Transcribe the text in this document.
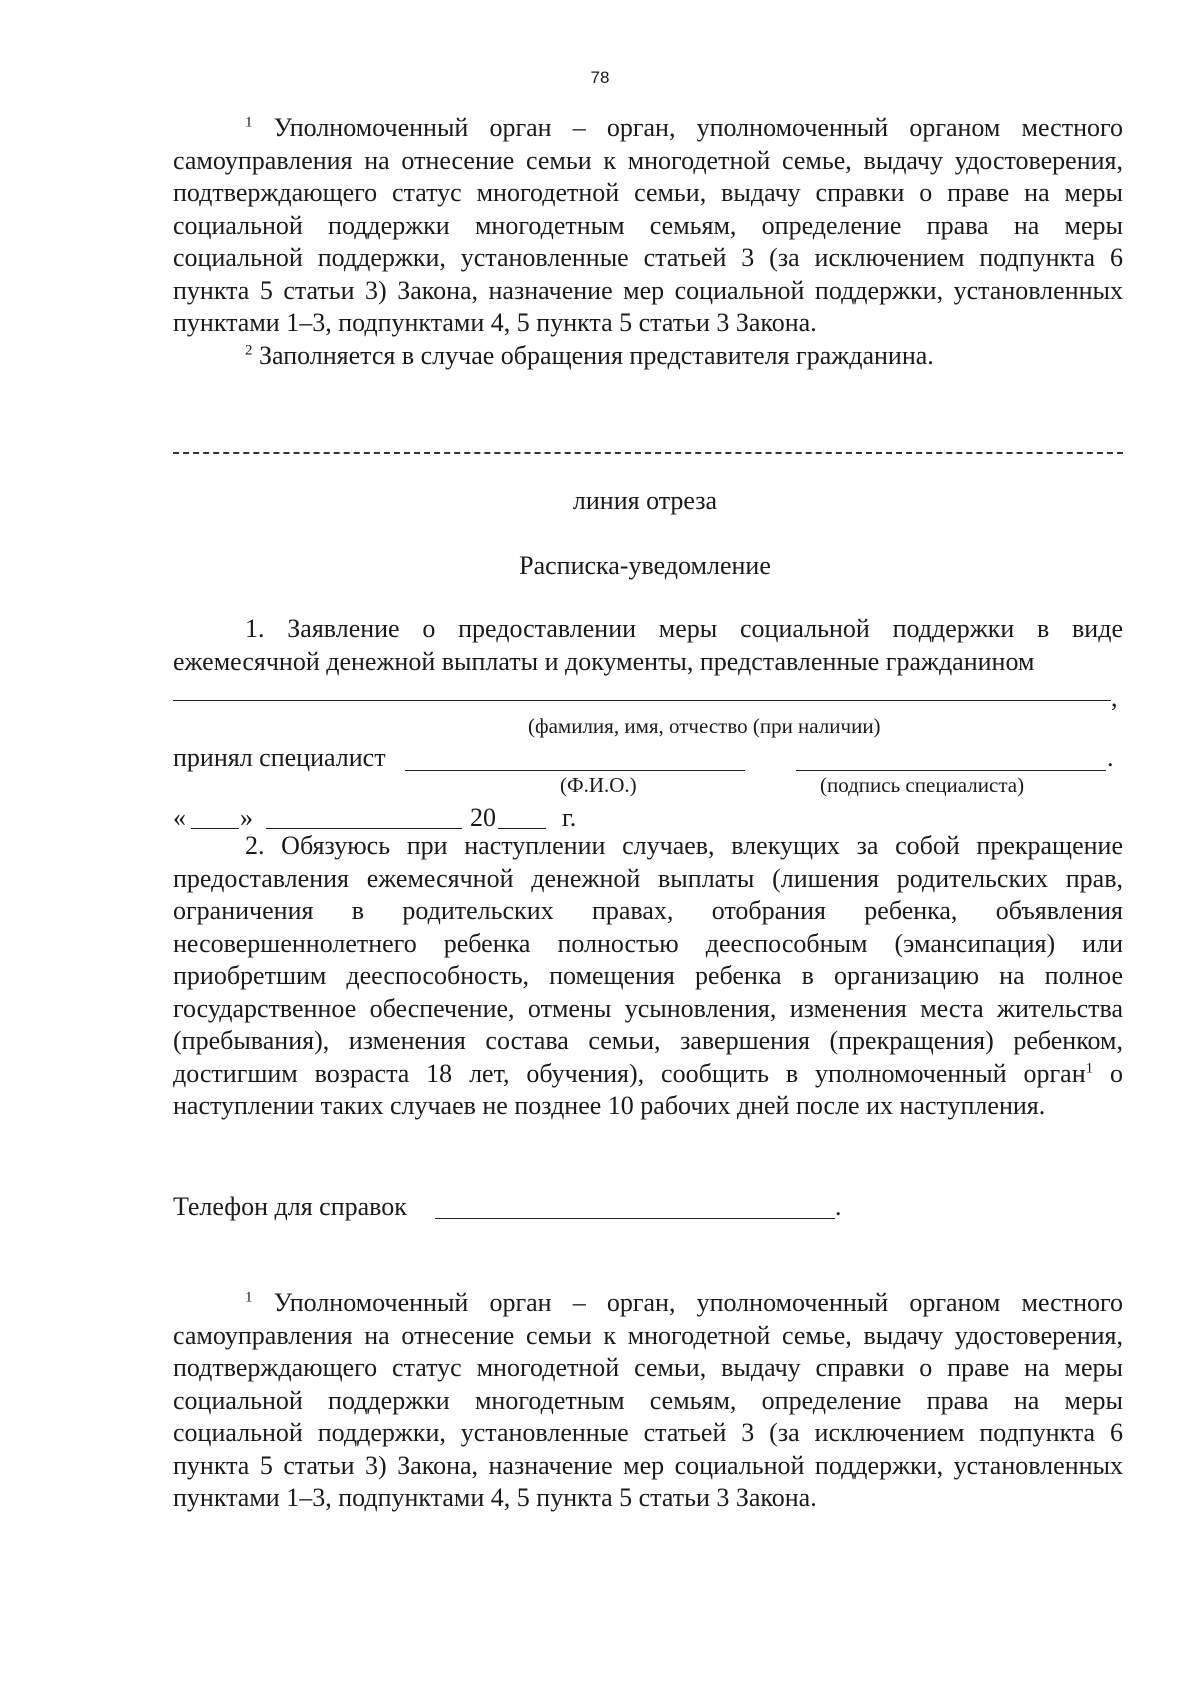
78

$^1$ Уполномоченный орган – орган, уполномоченный органом местного самоуправления на отнесение семьи к многодетной семье, выдачу удостоверения, подтверждающего статус многодетной семьи, выдачу справки о праве на меры социальной поддержки многодетным семьям, определение права на меры социальной поддержки, установленные статьей 3 (за исключением подпункта 6 пункта 5 статьи 3) Закона, назначение мер социальной поддержки, установленных пунктами 1–3, подпунктами 4, 5 пункта 5 статьи 3 Закона.

$^2$ Заполняется в случае обращения представителя гражданина.

линия отреза
Расписка-уведомление

1. Заявление о предоставлении меры социальной поддержки в виде ежемесячной денежной выплаты и документы, представленные гражданином

,
(фамилия, имя, отчество (при наличии)
принял специалист	.
(Ф.И.О.)	(подпись специалиста)
« »	20	г.

2. Обязуюсь при наступлении случаев, влекущих за собой прекращение предоставления ежемесячной денежной выплаты (лишения родительских прав, ограничения в родительских правах, отобрания ребенка, объявления несовершеннолетнего ребенка полностью дееспособным (эмансипация) или приобретшим дееспособность, помещения ребенка в организацию на полное государственное обеспечение, отмены усыновления, изменения места жительства (пребывания), изменения состава семьи, завершения (прекращения) ребенком, достигшим возраста 18 лет, обучения), сообщить в уполномоченный орган$^1$ о наступлении таких случаев не позднее 10 рабочих дней после их наступления.

Телефон для справок	.

$^1$ Уполномоченный орган – орган, уполномоченный органом местного самоуправления на отнесение семьи к многодетной семье, выдачу удостоверения, подтверждающего статус многодетной семьи, выдачу справки о праве на меры социальной поддержки многодетным семьям, определение права на меры социальной поддержки, установленные статьей 3 (за исключением подпункта 6 пункта 5 статьи 3) Закона, назначение мер социальной поддержки, установленных пунктами 1–3, подпунктами 4, 5 пункта 5 статьи 3 Закона.
